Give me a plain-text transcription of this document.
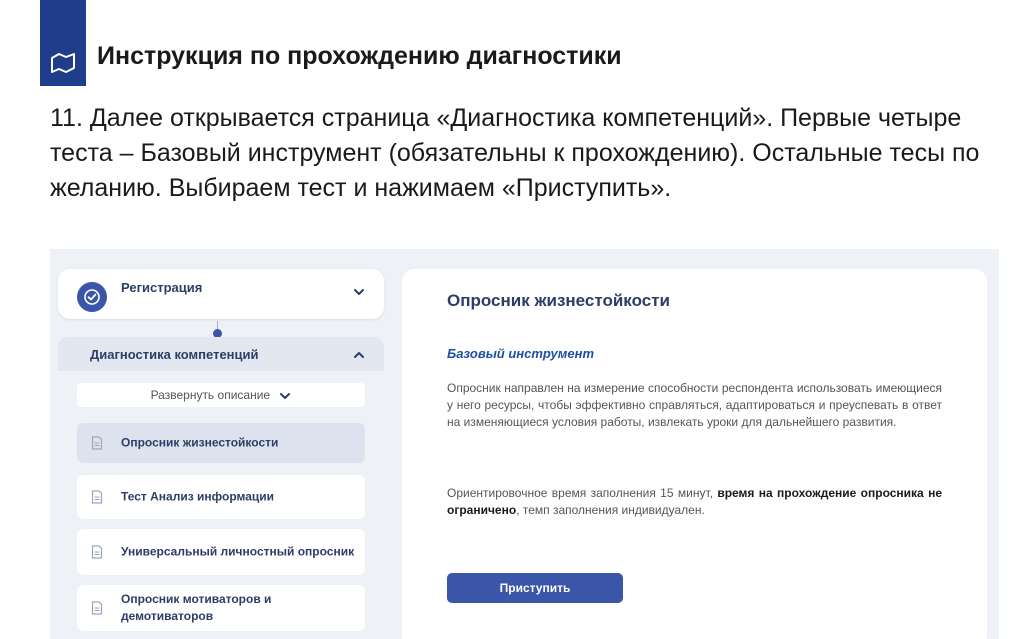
Инструкция по прохождению диагностики
11. Далее открывается страница «Диагностика компетенций». Первые четыре теста – Базовый инструмент (обязательны к прохождению). Остальные тесы по желанию. Выбираем тест и нажимаем «Приступить».
Регистрация
Диагностика компетенций
Развернуть описание
Опросник жизнестойкости
Тест Анализ информации
Универсальный личностный опросник
Опросник мотиваторов и демотиваторов
Опросник жизнестойкости
Базовый инструмент
Опросник направлен на измерение способности респондента использовать имеющиеся у него ресурсы, чтобы эффективно справляться, адаптироваться и преуспевать в ответ на изменяющиеся условия работы, извлекать уроки для дальнейшего развития.
Ориентировочное время заполнения 15 минут, время на прохождение опросника не ограничено, темп заполнения индивидуален.
Приступить
